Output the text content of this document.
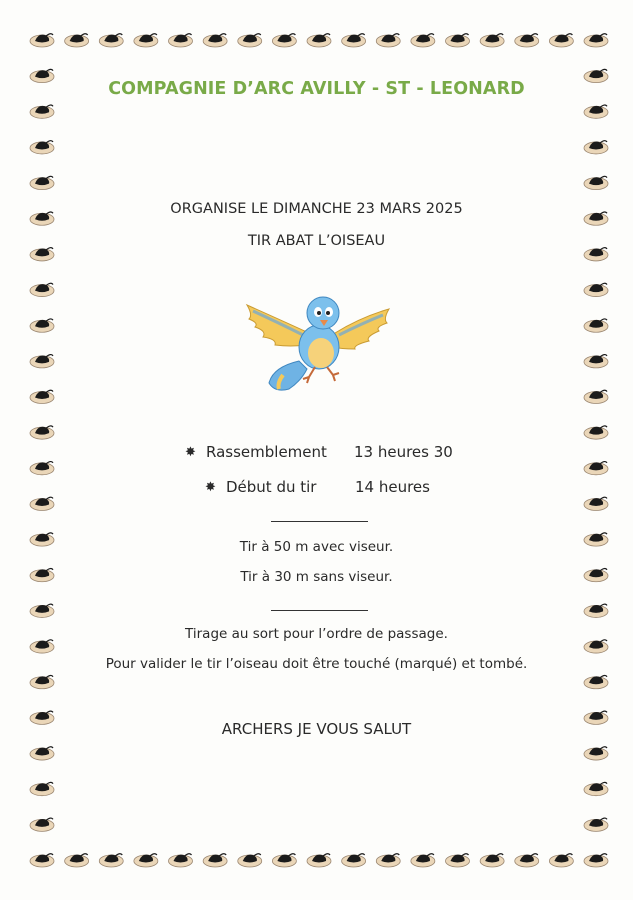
COMPAGNIE D’ARC AVILLY - ST - LEONARD
ORGANISE LE DIMANCHE 23 MARS 2025
TIR ABAT L’OISEAU
✸ Rassemblement 13 heures 30
✸ Début du tir	14 heures
Tir à 50 m avec viseur.
Tir à 30 m sans viseur.
Tirage au sort pour l’ordre de passage.
Pour valider le tir l’oiseau doit être touché (marqué) et tombé.
ARCHERS JE VOUS SALUT
